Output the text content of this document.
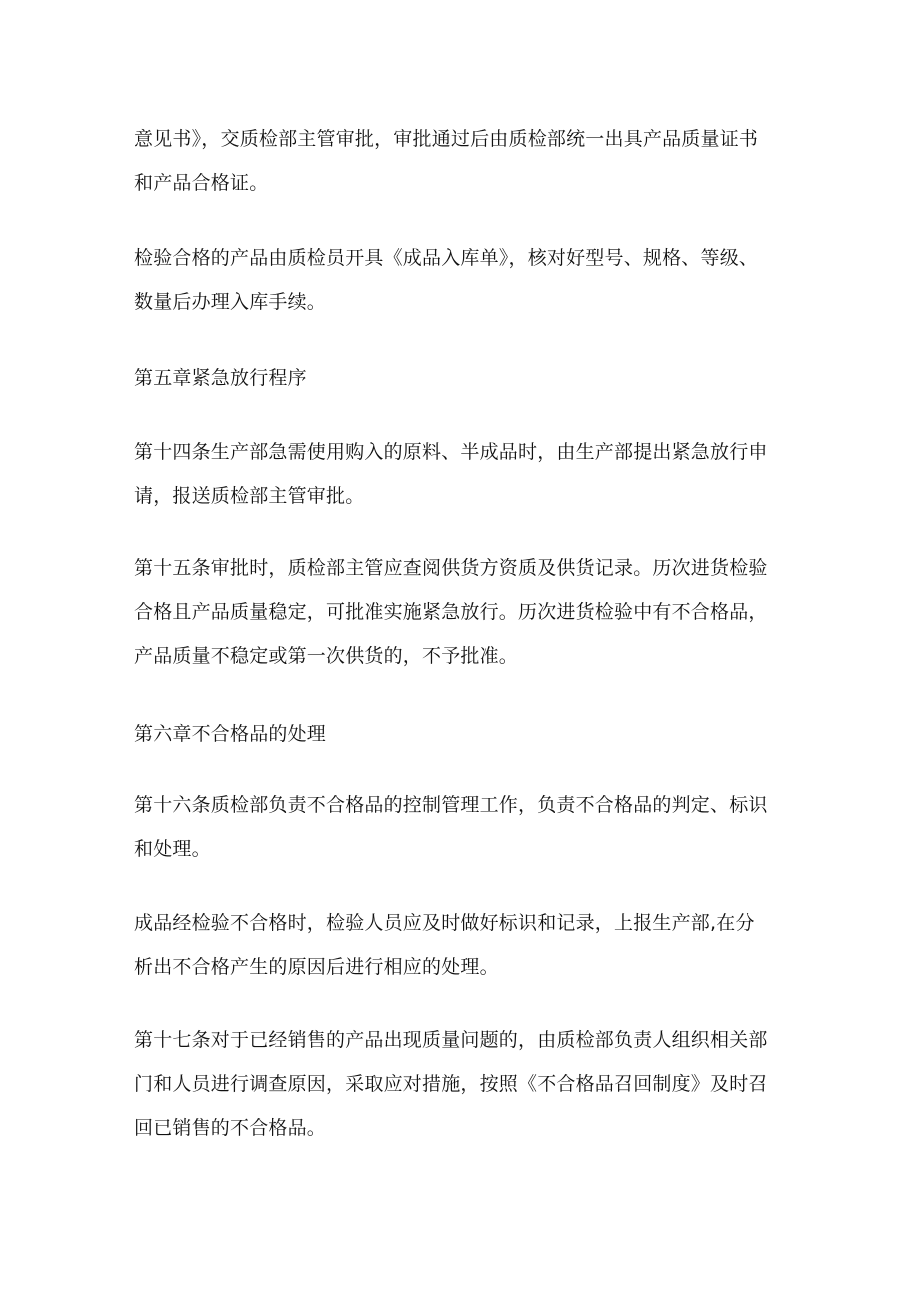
意见书》，交质检部主管审批，审批通过后由质检部统一出具产品质量证书
和产品合格证。

检验合格的产品由质检员开具《成品入库单》，核对好型号、规格、等级、
数量后办理入库手续。

第五章紧急放行程序

第十四条生产部急需使用购入的原料、半成品时，由生产部提出紧急放行申
请，报送质检部主管审批。

第十五条审批时，质检部主管应查阅供货方资质及供货记录。历次进货检验
合格且产品质量稳定，可批准实施紧急放行。历次进货检验中有不合格品，
产品质量不稳定或第一次供货的，不予批准。

第六章不合格品的处理

第十六条质检部负责不合格品的控制管理工作，负责不合格品的判定、标识
和处理。

成品经检验不合格时，检验人员应及时做好标识和记录，上报生产部,在分
析出不合格产生的原因后进行相应的处理。

第十七条对于已经销售的产品出现质量问题的，由质检部负责人组织相关部
门和人员进行调查原因，采取应对措施，按照《不合格品召回制度》及时召
回已销售的不合格品。
